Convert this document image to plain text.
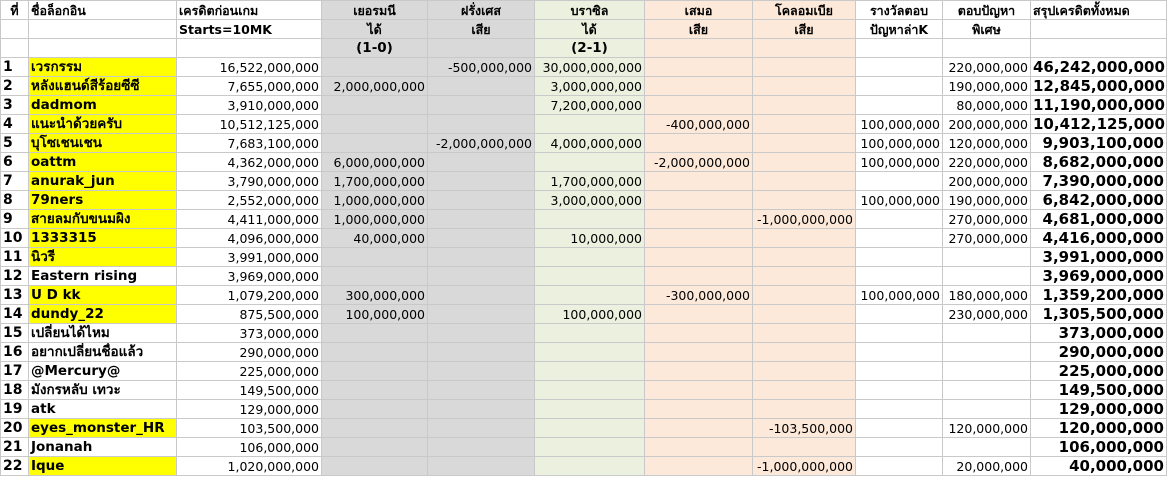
ที่	ชื่อล็อกอิน	เครดิตก่อนเกม	เยอรมนี	ฝรั่งเศส	บราซิล	เสมอ	โคลอมเบีย	รางวัลตอบ	ตอบปัญหา	สรุปเครดิตทั้งหมด
		Starts=10MK	ได้	เสีย	ได้	เสีย	เสีย	ปัญหาล่าK	พิเศษ	
			(1-0)		(2-1)					
1	เวรกรรม	16,522,000,000		-500,000,000	30,000,000,000				220,000,000	46,242,000,000
2	หลังแฮนด์สีร้อยซีซี	7,655,000,000	2,000,000,000		3,000,000,000				190,000,000	12,845,000,000
3	dadmom	3,910,000,000			7,200,000,000				80,000,000	11,190,000,000
4	แนะนำด้วยครับ	10,512,125,000				-400,000,000		100,000,000	200,000,000	10,412,125,000
5	บุโซเชนเชน	7,683,100,000		-2,000,000,000	4,000,000,000			100,000,000	120,000,000	9,903,100,000
6	oattm	4,362,000,000	6,000,000,000			-2,000,000,000		100,000,000	220,000,000	8,682,000,000
7	anurak_jun	3,790,000,000	1,700,000,000		1,700,000,000				200,000,000	7,390,000,000
8	79ners	2,552,000,000	1,000,000,000		3,000,000,000			100,000,000	190,000,000	6,842,000,000
9	สายลมกับขนมผิง	4,411,000,000	1,000,000,000				-1,000,000,000		270,000,000	4,681,000,000
10	1333315	4,096,000,000	40,000,000		10,000,000				270,000,000	4,416,000,000
11	นิวรี	3,991,000,000								3,991,000,000
12	Eastern rising	3,969,000,000								3,969,000,000
13	U D kk	1,079,200,000	300,000,000			-300,000,000		100,000,000	180,000,000	1,359,200,000
14	dundy_22	875,500,000	100,000,000		100,000,000				230,000,000	1,305,500,000
15	เปลี่ยนได้ไหม	373,000,000								373,000,000
16	อยากเปลี่ยนชื่อแล้ว	290,000,000								290,000,000
17	@Mercury@	225,000,000								225,000,000
18	มังกรหลับ เทวะ	149,500,000								149,500,000
19	atk	129,000,000								129,000,000
20	eyes_monster_HR	103,500,000					-103,500,000		120,000,000	120,000,000
21	Jonanah	106,000,000								106,000,000
22	Ique	1,020,000,000					-1,000,000,000		20,000,000	40,000,000
